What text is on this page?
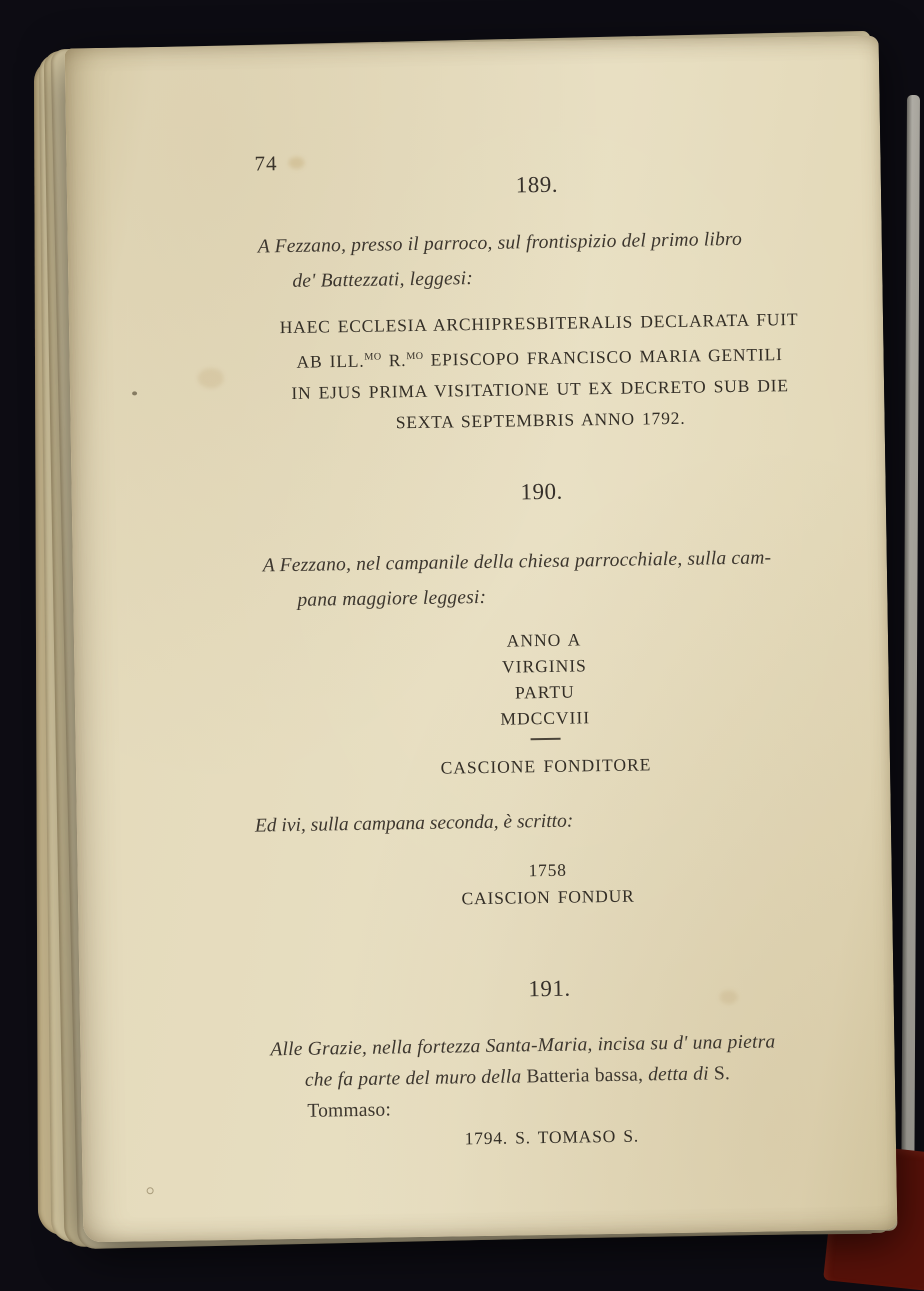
74
189.

A Fezzano, presso il parroco, sul frontispizio del primo libro
de' Battezzati, leggesi:

HAEC ECCLESIA ARCHIPRESBITERALIS DECLARATA FUIT
AB ILL.$^{MO}$ R.$^{MO}$ EPISCOPO FRANCISCO MARIA GENTILI
IN EJUS PRIMA VISITATIONE UT EX DECRETO SUB DIE
SEXTA SEPTEMBRIS ANNO 1792.
190.

A Fezzano, nel campanile della chiesa parrocchiale, sulla cam-
pana maggiore leggesi:

ANNO A
VIRGINIS
PARTU
MDCCVIII
CASCIONE FONDITORE

Ed ivi, sulla campana seconda, è scritto:

1758
CAISCION FONDUR
191.

Alle Grazie, nella fortezza Santa-Maria, incisa su d' una pietra
che fa parte del muro della Batteria bassa, detta di S.
Tommaso:

1794. S. TOMASO S.
